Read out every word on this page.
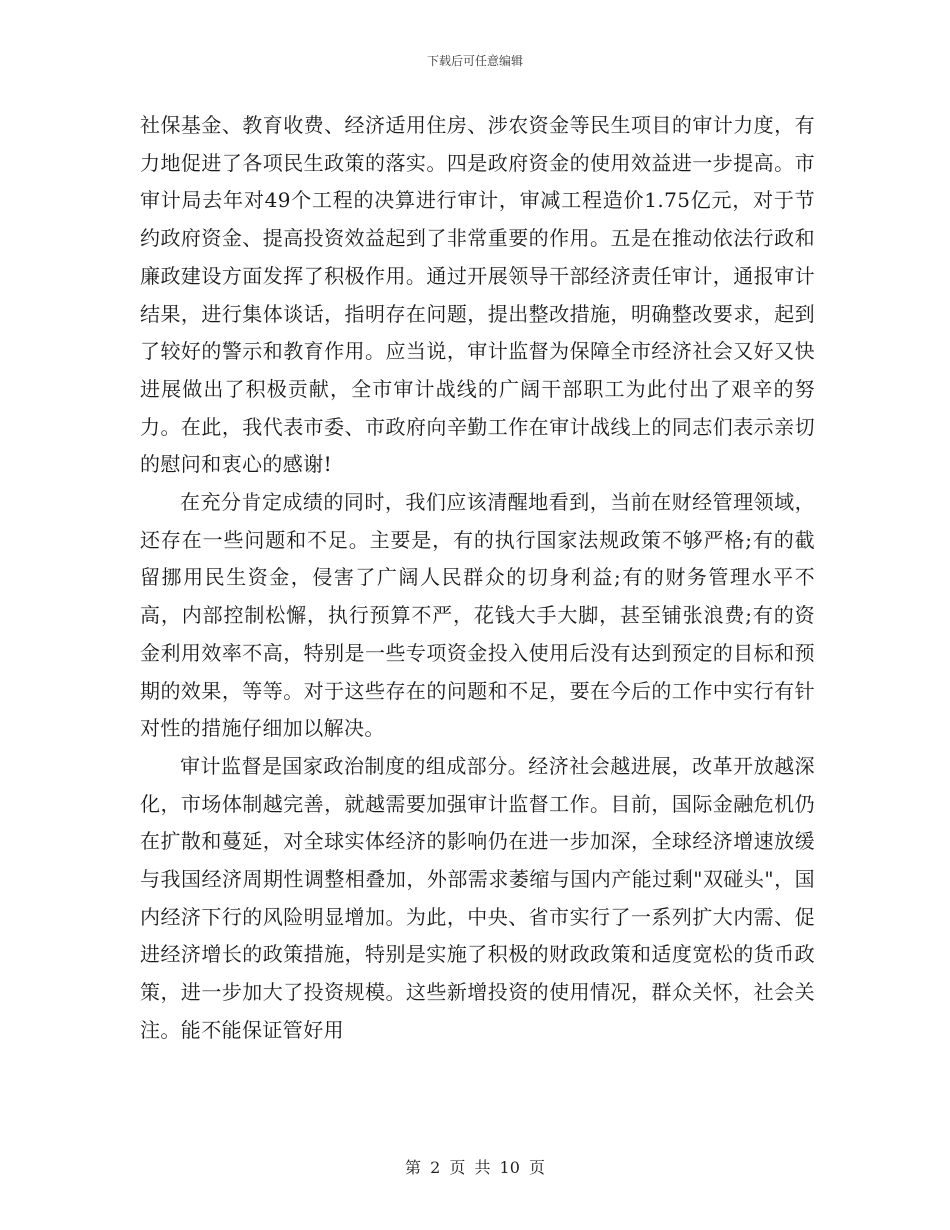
下载后可任意编辑

社保基金、教育收费、经济适用住房、涉农资金等民生项目的审计力度，有力地促进了各项民生政策的落实。四是政府资金的使用效益进一步提高。市审计局去年对49个工程的决算进行审计，审减工程造价1.75亿元，对于节约政府资金、提高投资效益起到了非常重要的作用。五是在推动依法行政和廉政建设方面发挥了积极作用。通过开展领导干部经济责任审计，通报审计结果，进行集体谈话，指明存在问题，提出整改措施，明确整改要求，起到了较好的警示和教育作用。应当说，审计监督为保障全市经济社会又好又快进展做出了积极贡献，全市审计战线的广阔干部职工为此付出了艰辛的努力。在此，我代表市委、市政府向辛勤工作在审计战线上的同志们表示亲切的慰问和衷心的感谢!

在充分肯定成绩的同时，我们应该清醒地看到，当前在财经管理领域，还存在一些问题和不足。主要是，有的执行国家法规政策不够严格;有的截留挪用民生资金，侵害了广阔人民群众的切身利益;有的财务管理水平不高，内部控制松懈，执行预算不严，花钱大手大脚，甚至铺张浪费;有的资金利用效率不高，特别是一些专项资金投入使用后没有达到预定的目标和预期的效果，等等。对于这些存在的问题和不足，要在今后的工作中实行有针对性的措施仔细加以解决。

审计监督是国家政治制度的组成部分。经济社会越进展，改革开放越深化，市场体制越完善，就越需要加强审计监督工作。目前，国际金融危机仍在扩散和蔓延，对全球实体经济的影响仍在进一步加深，全球经济增速放缓与我国经济周期性调整相叠加，外部需求萎缩与国内产能过剩"双碰头"，国内经济下行的风险明显增加。为此，中央、省市实行了一系列扩大内需、促进经济增长的政策措施，特别是实施了积极的财政政策和适度宽松的货币政策，进一步加大了投资规模。这些新增投资的使用情况，群众关怀，社会关注。能不能保证管好用

第 2 页 共 10 页
